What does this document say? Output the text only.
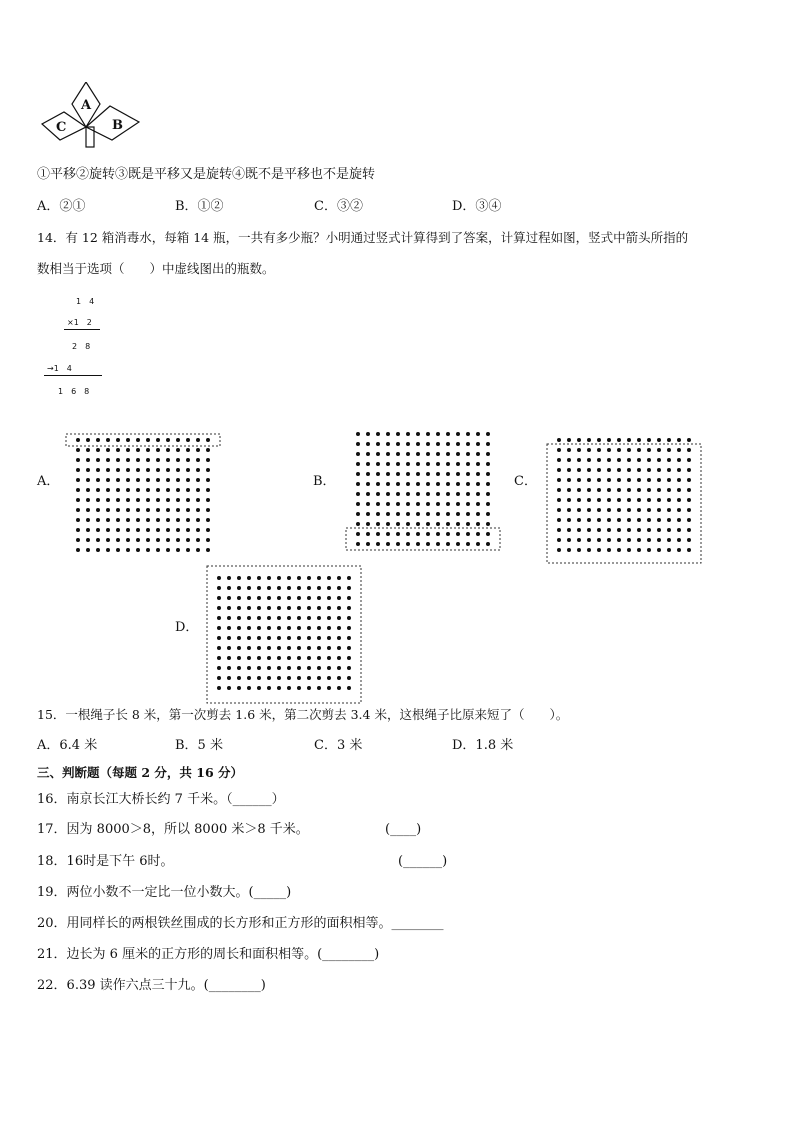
A
B
C
①平移②旋转③既是平移又是旋转④既不是平移也不是旋转
A．②①	B．①②	C．③②	D．③④
14．有 12 箱消毒水，每箱 14 瓶，一共有多少瓶？小明通过竖式计算得到了答案，计算过程如图，竖式中箭头所指的
数相当于选项（　　）中虚线图出的瓶数。
1　4
×1　2
2　8
→1　4
1　6　8
A．	B．	C．
D．
15．一根绳子长 8 米，第一次剪去 1.6 米，第二次剪去 3.4 米，这根绳子比原来短了（　　）。
A．6.4 米	B．5 米	C．3 米	D．1.8 米
三、判断题（每题 2 分，共 16 分）
16．南京长江大桥长约 7 千米。（______）
17．因为 8000＞8，所以 8000 米＞8 千米。	(____)
18．16时是下午 6时。	(______)
19．两位小数不一定比一位小数大。(_____)
20．用同样长的两根铁丝围成的长方形和正方形的面积相等。________
21．边长为 6 厘米的正方形的周长和面积相等。(________)
22．6.39 读作六点三十九。(________)
